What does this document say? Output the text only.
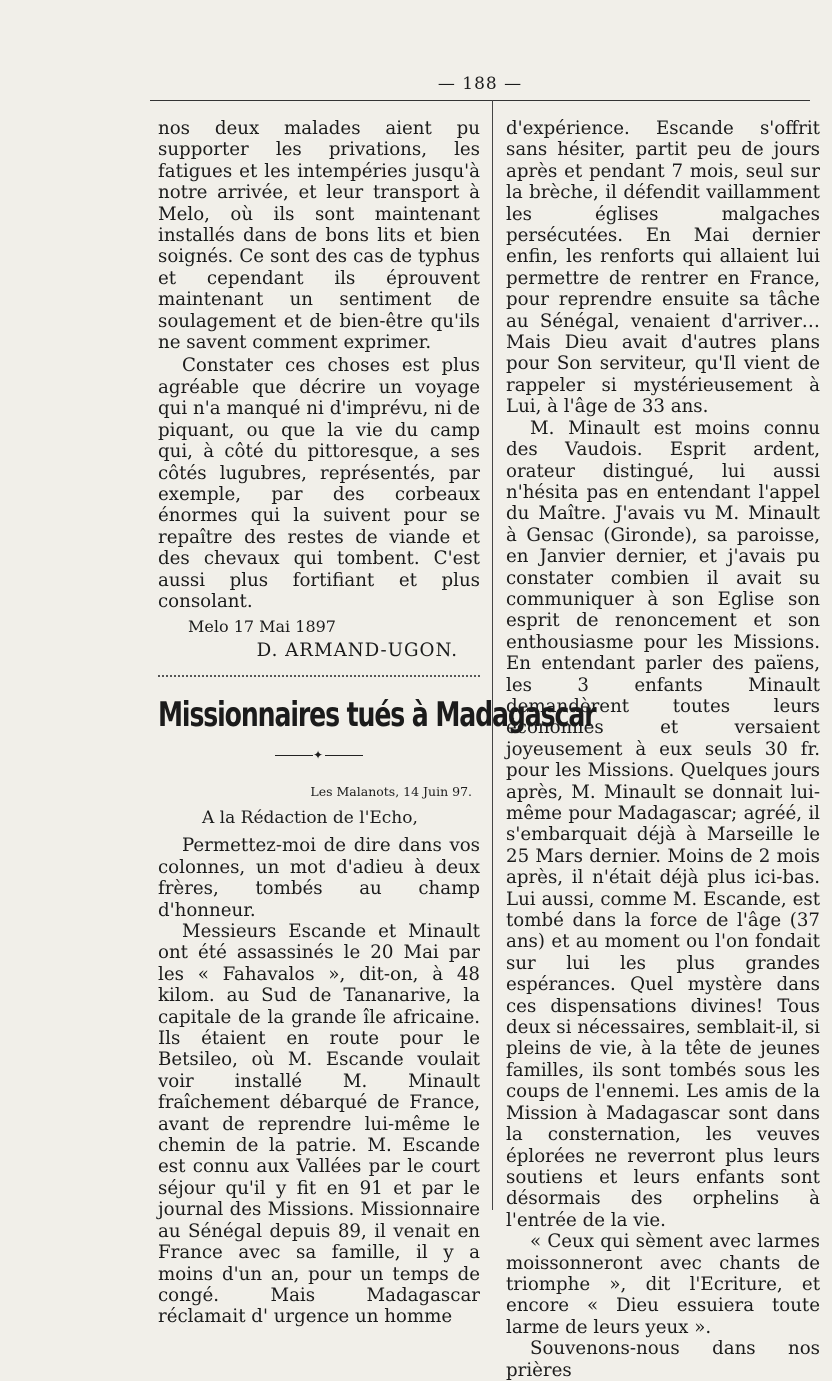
— 188 —

nos deux malades aient pu supporter les privations, les fatigues et les intempéries jusqu'à notre arrivée, et leur transport à Melo, où ils sont maintenant installés dans de bons lits et bien soignés. Ce sont des cas de typhus et cependant ils éprouvent maintenant un sentiment de soulagement et de bien-être qu'ils ne savent comment exprimer.

Constater ces choses est plus agréable que décrire un voyage qui n'a manqué ni d'imprévu, ni de piquant, ou que la vie du camp qui, à côté du pittoresque, a ses côtés lugubres, représentés, par exemple, par des corbeaux énormes qui la suivent pour se repaître des restes de viande et des chevaux qui tombent. C'est aussi plus fortifiant et plus consolant.

Melo 17 Mai 1897

D. ARMAND-UGON.

Missionnaires tués à Madagascar
✦

Les Malanots, 14 Juin 97.

A la Rédaction de l'Echo,

Permettez-moi de dire dans vos colonnes, un mot d'adieu à deux frères, tombés au champ d'honneur.

Messieurs Escande et Minault ont été assassinés le 20 Mai par les « Fahavalos », dit-on, à 48 kilom. au Sud de Tananarive, la capitale de la grande île africaine. Ils étaient en route pour le Betsileo, où M. Escande voulait voir installé M. Minault fraîchement débarqué de France, avant de reprendre lui-même le chemin de la patrie. M. Escande est connu aux Vallées par le court séjour qu'il y fit en 91 et par le journal des Missions. Missionnaire au Sénégal depuis 89, il venait en France avec sa famille, il y a moins d'un an, pour un temps de congé. Mais Madagascar réclamait d' urgence un homme

d'expérience. Escande s'offrit sans hésiter, partit peu de jours après et pendant 7 mois, seul sur la brèche, il défendit vaillamment les églises malgaches persécutées. En Mai dernier enfin, les renforts qui allaient lui permettre de rentrer en France, pour reprendre ensuite sa tâche au Sénégal, venaient d'arriver… Mais Dieu avait d'autres plans pour Son serviteur, qu'Il vient de rappeler si mystérieusement à Lui, à l'âge de 33 ans.

M. Minault est moins connu des Vaudois. Esprit ardent, orateur distingué, lui aussi n'hésita pas en entendant l'appel du Maître. J'avais vu M. Minault à Gensac (Gironde), sa paroisse, en Janvier dernier, et j'avais pu constater combien il avait su communiquer à son Eglise son esprit de renoncement et son enthousiasme pour les Missions. En entendant parler des païens, les 3 enfants Minault demandèrent toutes leurs économies et versaient joyeusement à eux seuls 30 fr. pour les Missions. Quelques jours après, M. Minault se donnait lui-même pour Madagascar; agréé, il s'embarquait déjà à Marseille le 25 Mars dernier. Moins de 2 mois après, il n'était déjà plus ici-bas. Lui aussi, comme M. Escande, est tombé dans la force de l'âge (37 ans) et au moment ou l'on fondait sur lui les plus grandes espérances. Quel mystère dans ces dispensations divines! Tous deux si nécessaires, semblait-il, si pleins de vie, à la tête de jeunes familles, ils sont tombés sous les coups de l'ennemi. Les amis de la Mission à Madagascar sont dans la consternation, les veuves éplorées ne reverront plus leurs soutiens et leurs enfants sont désormais des orphelins à l'entrée de la vie.

« Ceux qui sèment avec larmes moissonneront avec chants de triomphe », dit l'Ecriture, et encore « Dieu essuiera toute larme de leurs yeux ».

Souvenons-nous dans nos prières
